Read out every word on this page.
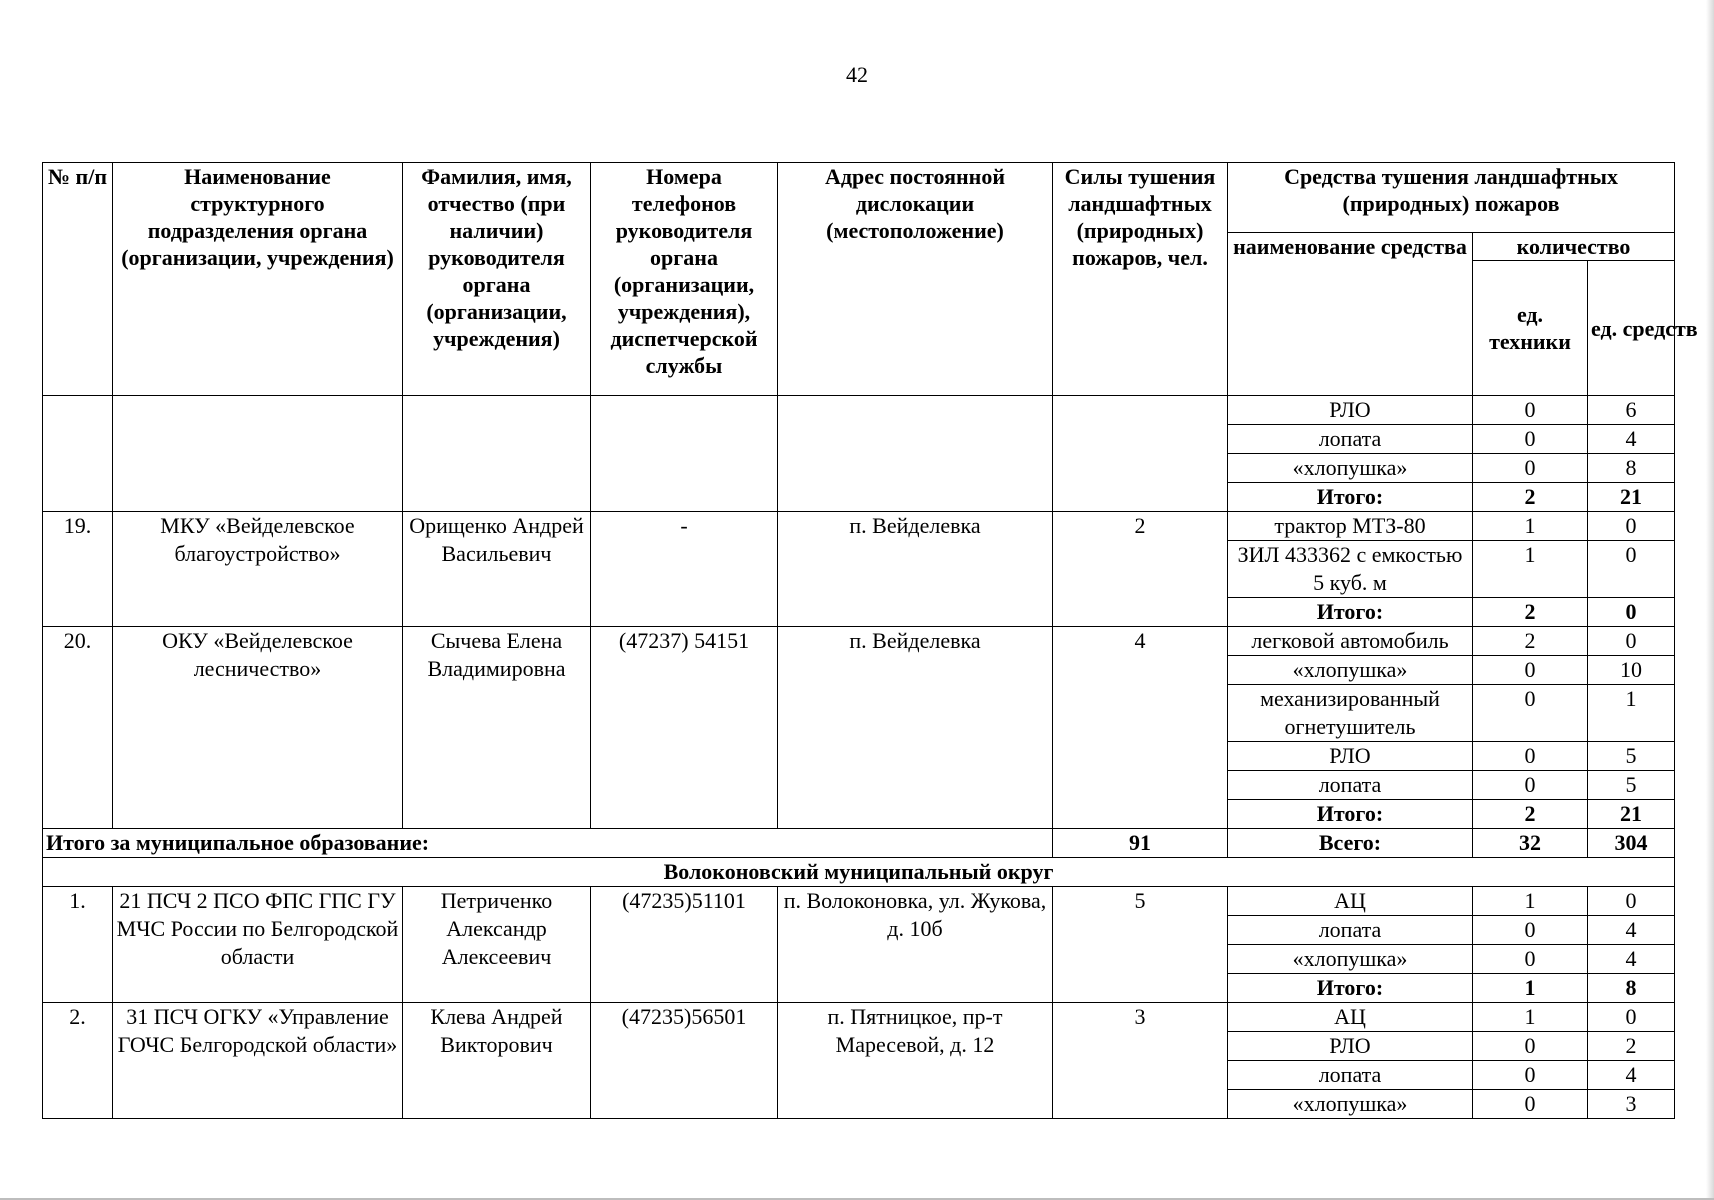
42
№ п/п	Наименование структурного подразделения органа (организации, учреждения)	Фамилия, имя, отчество (при наличии) руководителя органа (организации, учреждения)	Номера телефонов руководителя органа (организации, учреждения), диспетчерской службы	Адрес постоянной дислокации (местоположение)	Силы тушения ландшафтных (природных) пожаров, чел.	Средства тушения ландшафтных (природных) пожаров		
						наименование средства	количество	
							ед. техники	ед. средств
						РЛО	0	6
						лопата	0	4
						«хлопушка»	0	8
						Итого:	2	21
19.	МКУ «Вейделевское благоустройство»	Орищенко Андрей Васильевич	-	п. Вейделевка	2	трактор МТЗ-80	1	0
						ЗИЛ 433362 с емкостью 5 куб. м	1	0
						Итого:	2	0
20.	ОКУ «Вейделевское лесничество»	Сычева Елена Владимировна	(47237) 54151	п. Вейделевка	4	легковой автомобиль	2	0
						«хлопушка»	0	10
						механизированный огнетушитель	0	1
						РЛО	0	5
						лопата	0	5
						Итого:	2	21
Итого за муниципальное образование:					91	Всего:	32	304
Волоконовский муниципальный округ								
1.	21 ПСЧ 2 ПСО ФПС ГПС ГУ МЧС России по Белгородской области	Петриченко Александр Алексеевич	(47235)51101	п. Волоконовка, ул. Жукова, д. 10б	5	АЦ	1	0
						лопата	0	4
						«хлопушка»	0	4
						Итого:	1	8
2.	31 ПСЧ ОГКУ «Управление ГОЧС Белгородской области»	Клева Андрей Викторович	(47235)56501	п. Пятницкое, пр-т Маресевой, д. 12	3	АЦ	1	0
						РЛО	0	2
						лопата	0	4
						«хлопушка»	0	3
